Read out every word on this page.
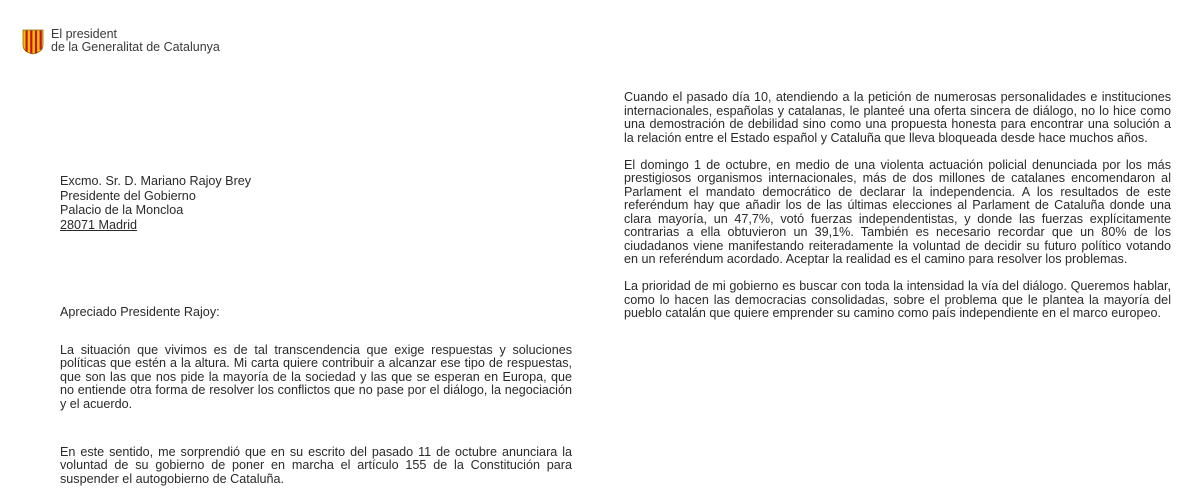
El president
de la Generalitat de Catalunya
Excmo. Sr. D. Mariano Rajoy Brey
Presidente del Gobierno
Palacio de la Moncloa
28071 Madrid
Apreciado Presidente Rajoy:

La situación que vivimos es de tal transcendencia que exige respuestas y soluciones políticas que estén a la altura. Mi carta quiere contribuir a alcanzar ese tipo de respuestas, que son las que nos pide la mayoría de la sociedad y las que se esperan en Europa, que no entiende otra forma de resolver los conflictos que no pase por el diálogo, la negociación y el acuerdo.

En este sentido, me sorprendió que en su escrito del pasado 11 de octubre anunciara la voluntad de su gobierno de poner en marcha el artículo 155 de la Constitución para suspender el autogobierno de Cataluña.

Cuando el pasado día 10, atendiendo a la petición de numerosas personalidades e instituciones internacionales, españolas y catalanas, le planteé una oferta sincera de diálogo, no lo hice como una demostración de debilidad sino como una propuesta honesta para encontrar una solución a la relación entre el Estado español y Cataluña que lleva bloqueada desde hace muchos años.

El domingo 1 de octubre, en medio de una violenta actuación policial denunciada por los más prestigiosos organismos internacionales, más de dos millones de catalanes encomendaron al Parlament el mandato democrático de declarar la independencia. A los resultados de este referéndum hay que añadir los de las últimas elecciones al Parlament de Cataluña donde una clara mayoría, un 47,7%, votó fuerzas independentistas, y donde las fuerzas explícitamente contrarias a ella obtuvieron un 39,1%. También es necesario recordar que un 80% de los ciudadanos viene manifestando reiteradamente la voluntad de decidir su futuro político votando en un referéndum acordado. Aceptar la realidad es el camino para resolver los problemas.

La prioridad de mi gobierno es buscar con toda la intensidad la vía del diálogo. Queremos hablar, como lo hacen las democracias consolidadas, sobre el problema que le plantea la mayoría del pueblo catalán que quiere emprender su camino como país independiente en el marco europeo.
